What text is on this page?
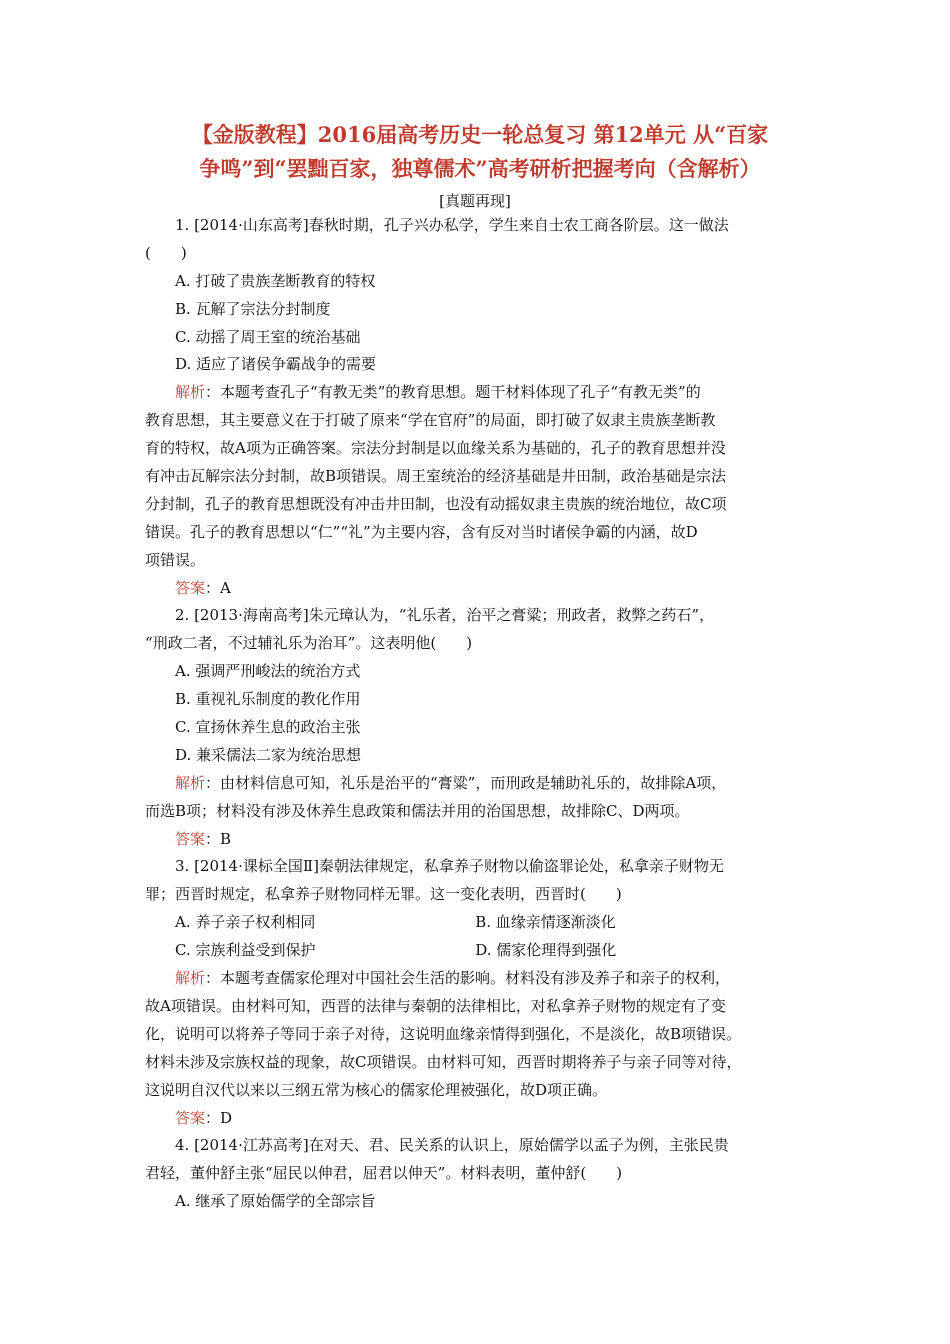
【金版教程】2016届高考历史一轮总复习 第12单元 从“百家
争鸣”到“罢黜百家，独尊儒术”高考研析把握考向（含解析）
[真题再现]
1. [2014·山东高考]春秋时期，孔子兴办私学，学生来自士农工商各阶层。这一做法
(　　)
A. 打破了贵族垄断教育的特权
B. 瓦解了宗法分封制度
C. 动摇了周王室的统治基础
D. 适应了诸侯争霸战争的需要
解析：本题考查孔子“有教无类”的教育思想。题干材料体现了孔子“有教无类”的
教育思想，其主要意义在于打破了原来“学在官府”的局面，即打破了奴隶主贵族垄断教
育的特权，故A项为正确答案。宗法分封制是以血缘关系为基础的，孔子的教育思想并没
有冲击瓦解宗法分封制，故B项错误。周王室统治的经济基础是井田制，政治基础是宗法
分封制，孔子的教育思想既没有冲击井田制，也没有动摇奴隶主贵族的统治地位，故C项
错误。孔子的教育思想以“仁”“礼”为主要内容，含有反对当时诸侯争霸的内涵，故D
项错误。
答案：A
2. [2013·海南高考]朱元璋认为，“礼乐者，治平之膏粱；刑政者，救弊之药石”，
“刑政二者，不过辅礼乐为治耳”。这表明他(　　)
A. 强调严刑峻法的统治方式
B. 重视礼乐制度的教化作用
C. 宣扬休养生息的政治主张
D. 兼采儒法二家为统治思想
解析：由材料信息可知，礼乐是治平的“膏粱”，而刑政是辅助礼乐的，故排除A项，
而选B项；材料没有涉及休养生息政策和儒法并用的治国思想，故排除C、D两项。
答案：B
3. [2014·课标全国Ⅱ]秦朝法律规定，私拿养子财物以偷盗罪论处，私拿亲子财物无
罪；西晋时规定，私拿养子财物同样无罪。这一变化表明，西晋时(　　)
A. 养子亲子权利相同	B. 血缘亲情逐渐淡化
C. 宗族利益受到保护	D. 儒家伦理得到强化
解析：本题考查儒家伦理对中国社会生活的影响。材料没有涉及养子和亲子的权利，
故A项错误。由材料可知，西晋的法律与秦朝的法律相比，对私拿养子财物的规定有了变
化，说明可以将养子等同于亲子对待，这说明血缘亲情得到强化，不是淡化，故B项错误。
材料未涉及宗族权益的现象，故C项错误。由材料可知，西晋时期将养子与亲子同等对待，
这说明自汉代以来以三纲五常为核心的儒家伦理被强化，故D项正确。
答案：D
4. [2014·江苏高考]在对天、君、民关系的认识上，原始儒学以孟子为例，主张民贵
君轻，董仲舒主张“屈民以伸君，屈君以伸天”。材料表明，董仲舒(　　)
A. 继承了原始儒学的全部宗旨
